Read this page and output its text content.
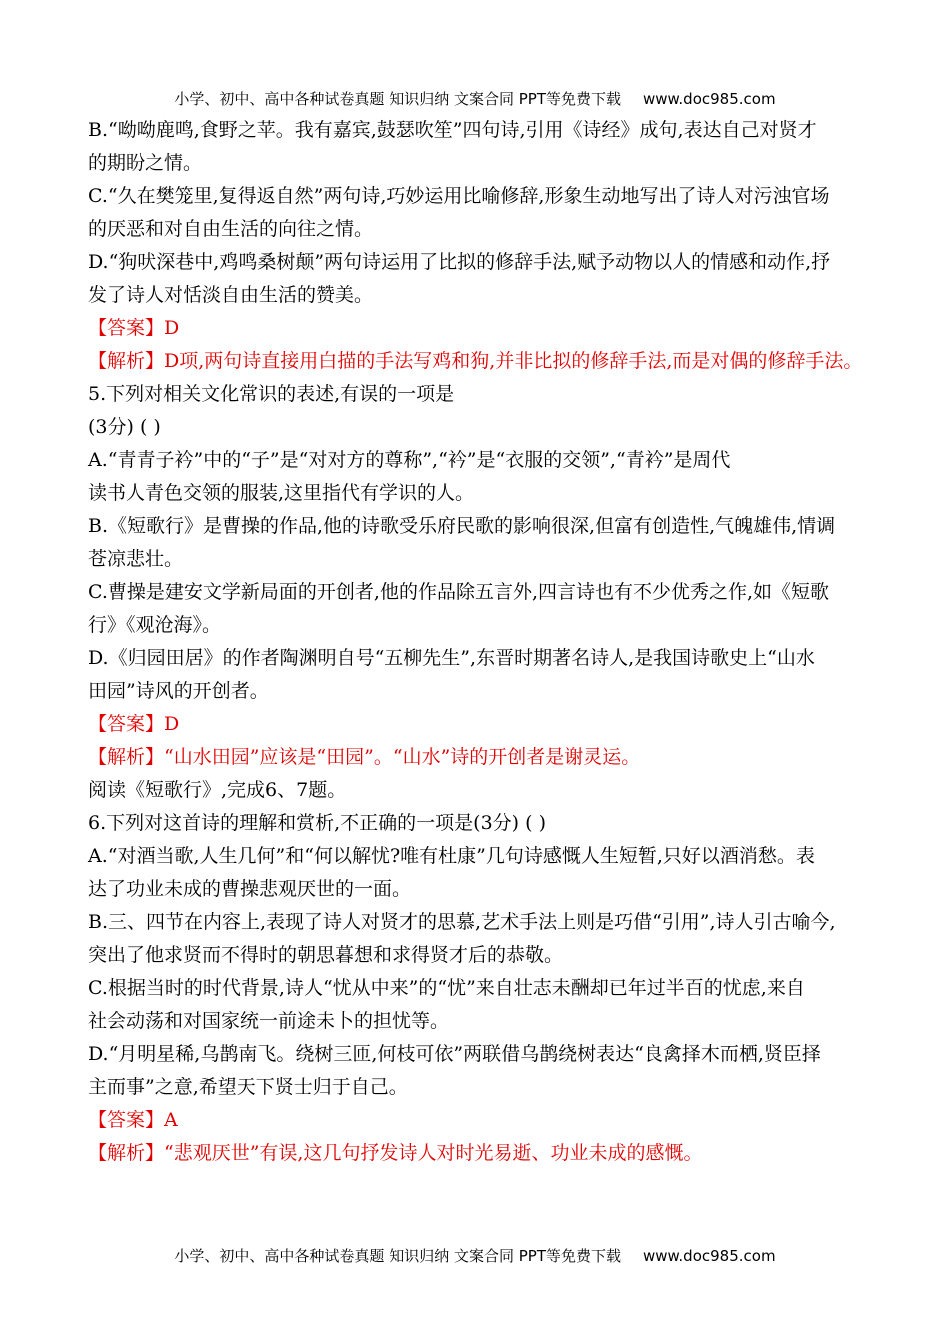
小学、初中、高中各种试卷真题 知识归纳 文案合同 PPT等免费下载 www.doc985.com
B.“呦呦鹿鸣,食野之苹。我有嘉宾,鼓瑟吹笙”四句诗,引用《诗经》成句,表达自己对贤才
的期盼之情。
C.“久在樊笼里,复得返自然”两句诗,巧妙运用比喻修辞,形象生动地写出了诗人对污浊官场
的厌恶和对自由生活的向往之情。
D.“狗吠深巷中,鸡鸣桑树颠”两句诗运用了比拟的修辞手法,赋予动物以人的情感和动作,抒
发了诗人对恬淡自由生活的赞美。
【答案】D
【解析】D项,两句诗直接用白描的手法写鸡和狗,并非比拟的修辞手法,而是对偶的修辞手法。
5.下列对相关文化常识的表述,有误的一项是
(3分) ( )
A.“青青子衿”中的“子”是“对对方的尊称”,“衿”是“衣服的交领”,“青衿”是周代
读书人青色交领的服装,这里指代有学识的人。
B.《短歌行》是曹操的作品,他的诗歌受乐府民歌的影响很深,但富有创造性,气魄雄伟,情调
苍凉悲壮。
C.曹操是建安文学新局面的开创者,他的作品除五言外,四言诗也有不少优秀之作,如《短歌
行》《观沧海》。
D.《归园田居》的作者陶渊明自号“五柳先生”,东晋时期著名诗人,是我国诗歌史上“山水
田园”诗风的开创者。
【答案】D
【解析】“山水田园”应该是“田园”。“山水”诗的开创者是谢灵运。
阅读《短歌行》,完成6、7题。
6.下列对这首诗的理解和赏析,不正确的一项是(3分) ( )
A.“对酒当歌,人生几何”和“何以解忧?唯有杜康”几句诗感慨人生短暂,只好以酒消愁。表
达了功业未成的曹操悲观厌世的一面。
B.三、四节在内容上,表现了诗人对贤才的思慕,艺术手法上则是巧借“引用”,诗人引古喻今,
突出了他求贤而不得时的朝思暮想和求得贤才后的恭敬。
C.根据当时的时代背景,诗人“忧从中来”的“忧”来自壮志未酬却已年过半百的忧虑,来自
社会动荡和对国家统一前途未卜的担忧等。
D.“月明星稀,乌鹊南飞。绕树三匝,何枝可依”两联借乌鹊绕树表达“良禽择木而栖,贤臣择
主而事”之意,希望天下贤士归于自己。
【答案】A
【解析】“悲观厌世”有误,这几句抒发诗人对时光易逝、功业未成的感慨。
小学、初中、高中各种试卷真题 知识归纳 文案合同 PPT等免费下载 www.doc985.com
